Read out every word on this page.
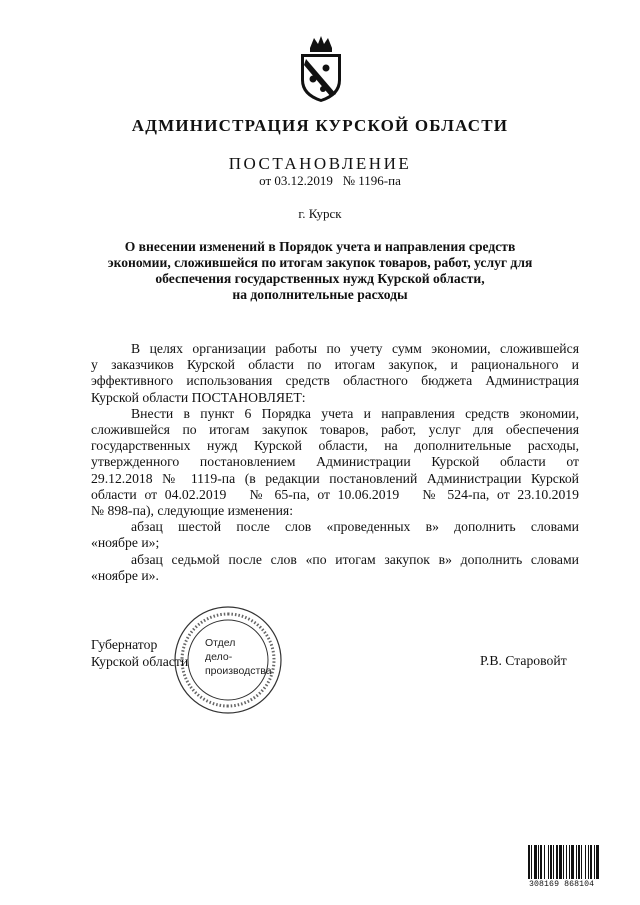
АДМИНИСТРАЦИЯ КУРСКОЙ ОБЛАСТИ
ПОСТАНОВЛЕНИЕ
от 03.12.2019   № 1196-па
г. Курск
О внесении изменений в Порядок учета и направления средств
экономии, сложившейся по итогам закупок товаров, работ, услуг для
обеспечения государственных нужд Курской области,
на дополнительные расходы
В целях организации работы по учету сумм экономии, сложившейся
у заказчиков Курской области по итогам закупок, и рационального и
эффективного использования средств областного бюджета Администрация
Курской области ПОСТАНОВЛЯЕТ:
Внести в пункт 6 Порядка учета и направления средств экономии,
сложившейся по итогам закупок товаров, работ, услуг для обеспечения
государственных нужд Курской области, на дополнительные расходы,
утвержденного постановлением Администрации Курской области от
29.12.2018 № 1119-па (в редакции постановлений Администрации Курской
области от 04.02.2019   № 65-па, от 10.06.2019   № 524-па, от 23.10.2019
№ 898-па), следующие изменения:
абзац шестой после слов «проведенных в» дополнить словами
«ноябре и»;
абзац седьмой после слов «по итогам закупок в» дополнить словами
«ноябре и».
Отдел
дело-
производства
Губернатор
Курской области	Р.В. Старовойт
308169 868104
